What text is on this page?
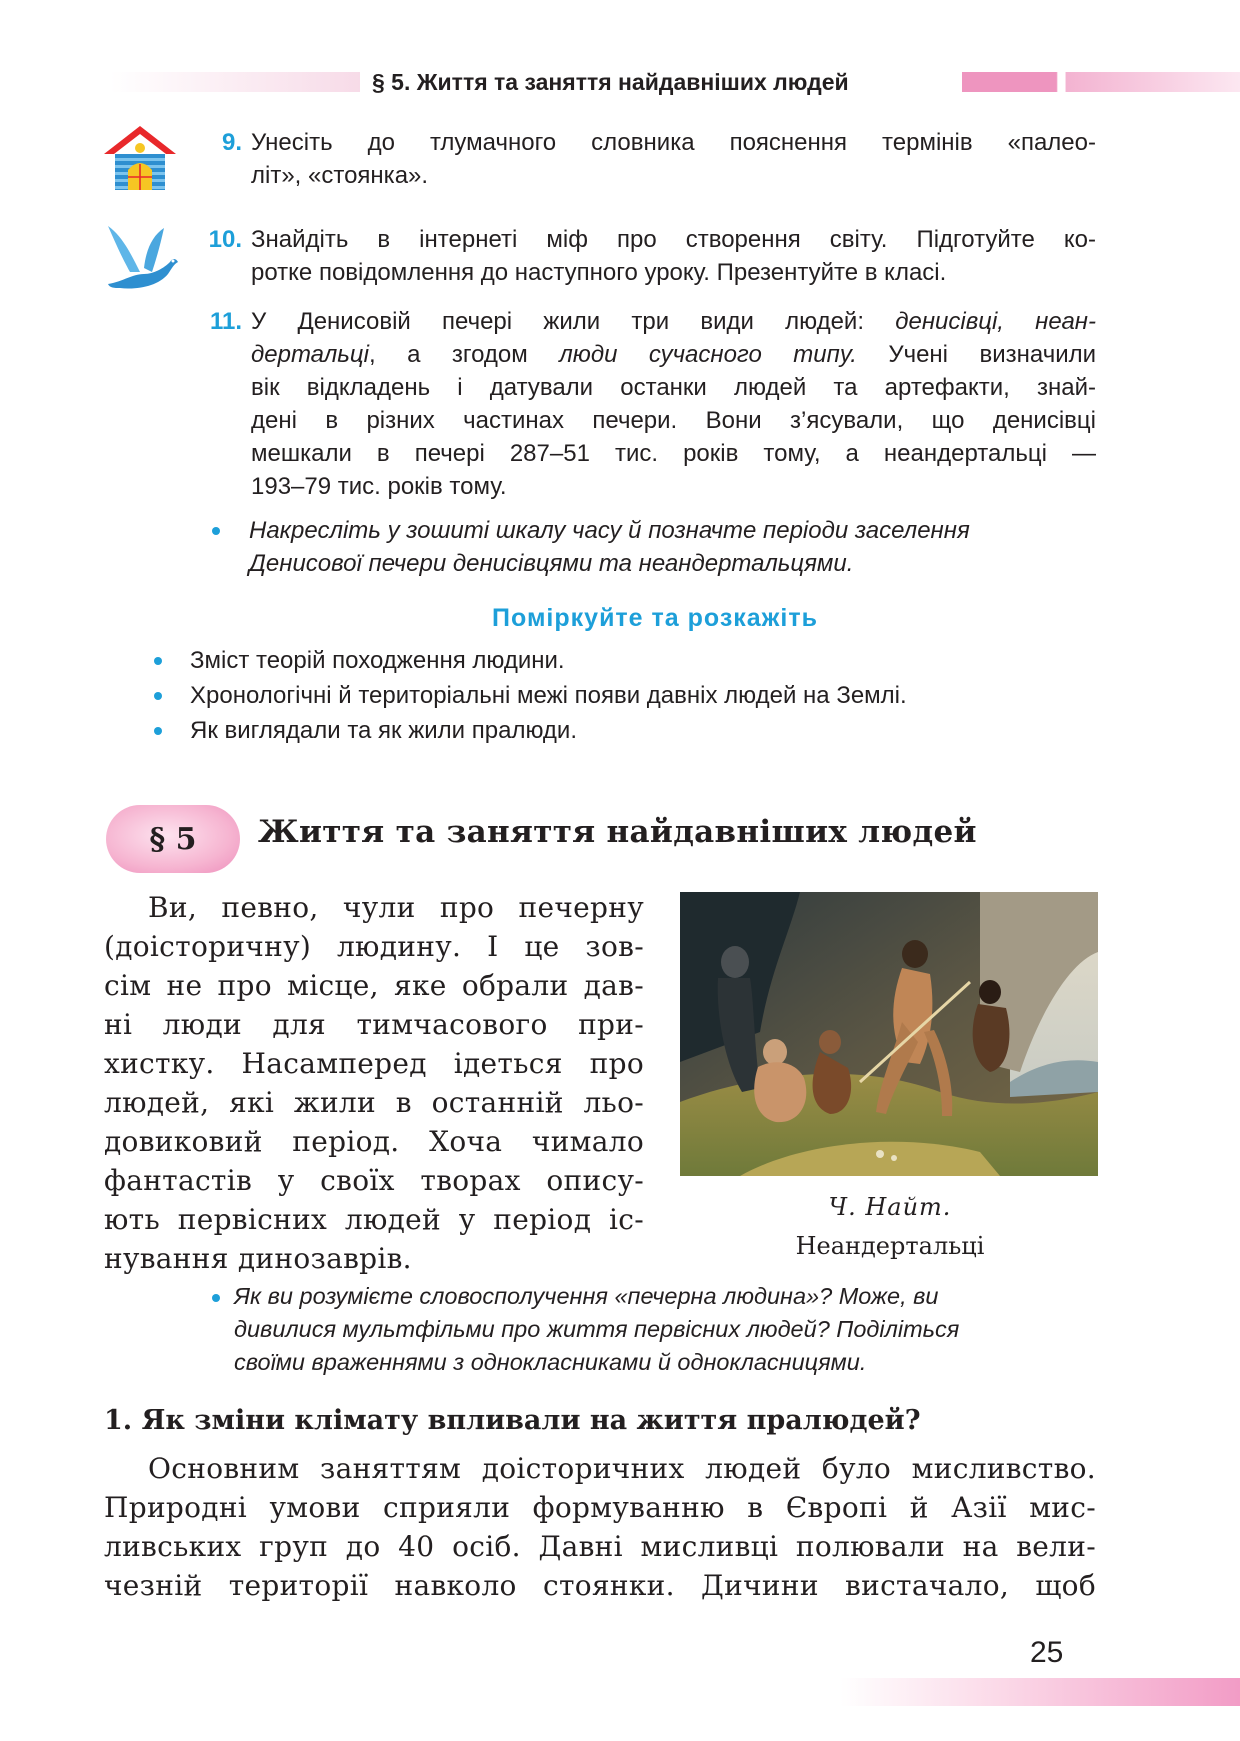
§ 5. Життя та заняття найдавніших людей
9. Унесіть до тлумачного словника пояснення термінів «палео-
літ», «стоянка».
10. Знайдіть в інтернеті міф про створення світу. Підготуйте ко-
ротке повідомлення до наступного уроку. Презентуйте в класі.
11. У Денисовій печері жили три види людей: денисівці, неан-
дертальці, а згодом люди сучасного типу. Учені визначили
вік відкладень і датували останки людей та артефакти, знай-
дені в різних частинах печери. Вони з’ясували, що денисівці
мешкали в печері 287–51 тис. років тому, а неандертальці —
193–79 тис. років тому.
Накресліть у зошиті шкалу часу й позначте періоди заселення
Денисової печери денисівцями та неандертальцями.
Поміркуйте та розкажіть
Зміст теорій походження людини.
Хронологічні й територіальні межі появи давніх людей на Землі.
Як виглядали та як жили пралюди.
§ 5	Життя та заняття найдавніших людей
Ви, певно, чули про печерну
(доісторичну) людину. І це зов-
сім не про місце, яке обрали дав-
ні люди для тимчасового при-
хистку. Насамперед ідеться про
людей, які жили в останній льо-
довиковий період. Хоча чимало
фантастів у своїх творах опису-
ють первісних людей у період іс-
нування динозаврів.
Ч. Найт.
Неандертальці
Як ви розумієте словосполучення «печерна людина»? Може, ви
дивилися мультфільми про життя первісних людей? Поділіться
своїми враженнями з однокласниками й однокласницями.
1. Як зміни клімату впливали на життя пралюдей?
Основним заняттям доісторичних людей було мисливство.
Природні умови сприяли формуванню в Європі й Азії мис-
ливських груп до 40 осіб. Давні мисливці полювали на вели-
чезній території навколо стоянки. Дичини вистачало, щоб
25
